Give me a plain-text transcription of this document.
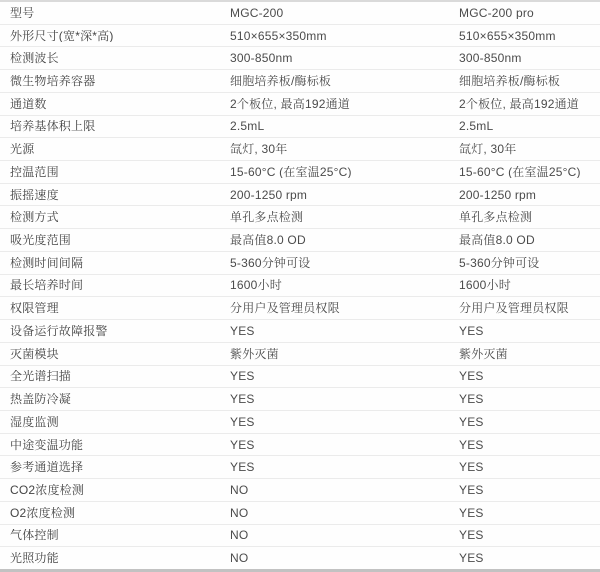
型号	MGC-200	MGC-200 pro
外形尺寸(宽*深*高)	510×655×350mm	510×655×350mm
检测波长	300-850nm	300-850nm
微生物培养容器	细胞培养板/酶标板	细胞培养板/酶标板
通道数	2个板位, 最高192通道	2个板位, 最高192通道
培养基体积上限	2.5mL	2.5mL
光源	氙灯, 30年	氙灯, 30年
控温范围	15-60°C (在室温25°C)	15-60°C (在室温25°C)
振摇速度	200-1250 rpm	200-1250 rpm
检测方式	单孔多点检测	单孔多点检测
吸光度范围	最高值8.0 OD	最高值8.0 OD
检测时间间隔	5-360分钟可设	5-360分钟可设
最长培养时间	1600小时	1600小时
权限管理	分用户及管理员权限	分用户及管理员权限
设备运行故障报警	YES	YES
灭菌模块	紫外灭菌	紫外灭菌
全光谱扫描	YES	YES
热盖防冷凝	YES	YES
湿度监测	YES	YES
中途变温功能	YES	YES
参考通道选择	YES	YES
CO2浓度检测	NO	YES
O2浓度检测	NO	YES
气体控制	NO	YES
光照功能	NO	YES
